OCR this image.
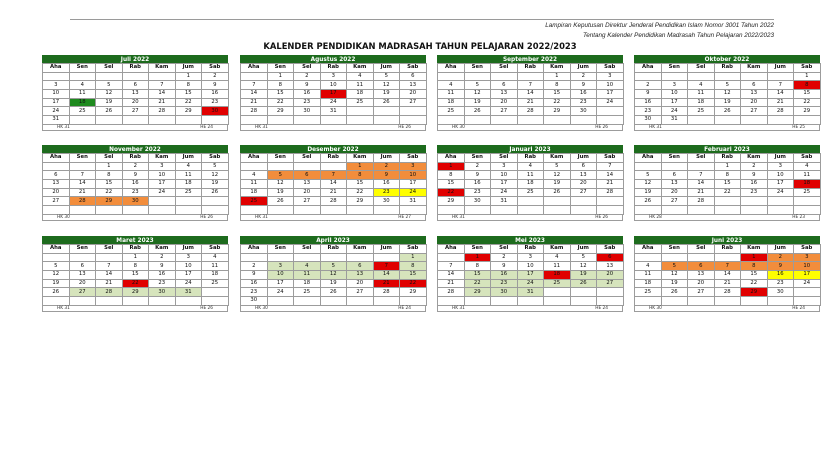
Lampiran Keputusan Direktur Jenderal Pendidikan Islam Nomor 3001 Tahun 2022
Tentang Kalender Pendidikan Madrasah Tahun Pelajaran 2022/2023
KALENDER PENDIDIKAN MADRASAH TAHUN PELAJARAN 2022/2023
Juli 2022
Aha	Sen	Sel	Rab	Kam	Jum	Sab
					1	2
3	4	5	6	7	8	9
10	11	12	13	14	15	16
17	18	19	20	21	22	23
24	25	26	27	28	29	30
31						
HK 31	HE 24
Agustus 2022
Aha	Sen	Sel	Rab	Kam	Jum	Sab
	1	2	3	4	5	6
7	8	9	10	11	12	13
14	15	16	17	18	19	20
21	22	23	24	25	26	27
28	29	30	31			

HK 31	HE 26
September 2022
Aha	Sen	Sel	Rab	Kam	Jum	Sab
				1	2	3
4	5	6	7	8	9	10
11	12	13	14	15	16	17
18	19	20	21	22	23	24
25	26	27	28	29	30	

HK 30	HE 26
Oktober 2022
Aha	Sen	Sel	Rab	Kam	Jum	Sab
						1
2	3	4	5	6	7	8
9	10	11	12	13	14	15
16	17	18	19	20	21	22
23	24	25	26	27	28	29
30	31					
HK 31	HE 25
November 2022
Aha	Sen	Sel	Rab	Kam	Jum	Sab
		1	2	3	4	5
6	7	8	9	10	11	12
13	14	15	16	17	18	19
20	21	22	23	24	25	26
27	28	29	30			

HK 30	HE 26
Desember 2022
Aha	Sen	Sel	Rab	Kam	Jum	Sab
				1	2	3
4	5	6	7	8	9	10
11	12	13	14	15	16	17
18	19	20	21	22	23	24
25	26	27	28	29	30	31

HK 31	HE 27
Januari 2023
Aha	Sen	Sel	Rab	Kam	Jum	Sab
1	2	3	4	5	6	7
8	9	10	11	12	13	14
15	16	17	18	19	20	21
22	23	24	25	26	27	28
29	30	31				

HK 31	HE 26
Februari 2023
Aha	Sen	Sel	Rab	Kam	Jum	Sab
			1	2	3	4
5	6	7	8	9	10	11
12	13	14	15	16	17	18
19	20	21	22	23	24	25
26	27	28				

HK 28	HE 23
Maret 2023
Aha	Sen	Sel	Rab	Kam	Jum	Sab
			1	2	3	4
5	6	7	8	9	10	11
12	13	14	15	16	17	18
19	20	21	22	23	24	25
26	27	28	29	30	31	

HK 31	HE 26
April 2023
Aha	Sen	Sel	Rab	Kam	Jum	Sab
						1
2	3	4	5	6	7	8
9	10	11	12	13	14	15
16	17	18	19	20	21	22
23	24	25	26	27	28	29
30						
HK 30	HE 24
Mei 2023
Aha	Sen	Sel	Rab	Kam	Jum	Sab
	1	2	3	4	5	6
7	8	9	10	11	12	13
14	15	16	17	18	19	20
21	22	23	24	25	26	27
28	29	30	31			

HK 31	HE 24
Juni 2023
Aha	Sen	Sel	Rab	Kam	Jum	Sab
				1	2	3
4	5	6	7	8	9	10
11	12	13	14	15	16	17
18	19	20	21	22	23	24
25	26	27	28	29	30	

HK 30	HE 24
